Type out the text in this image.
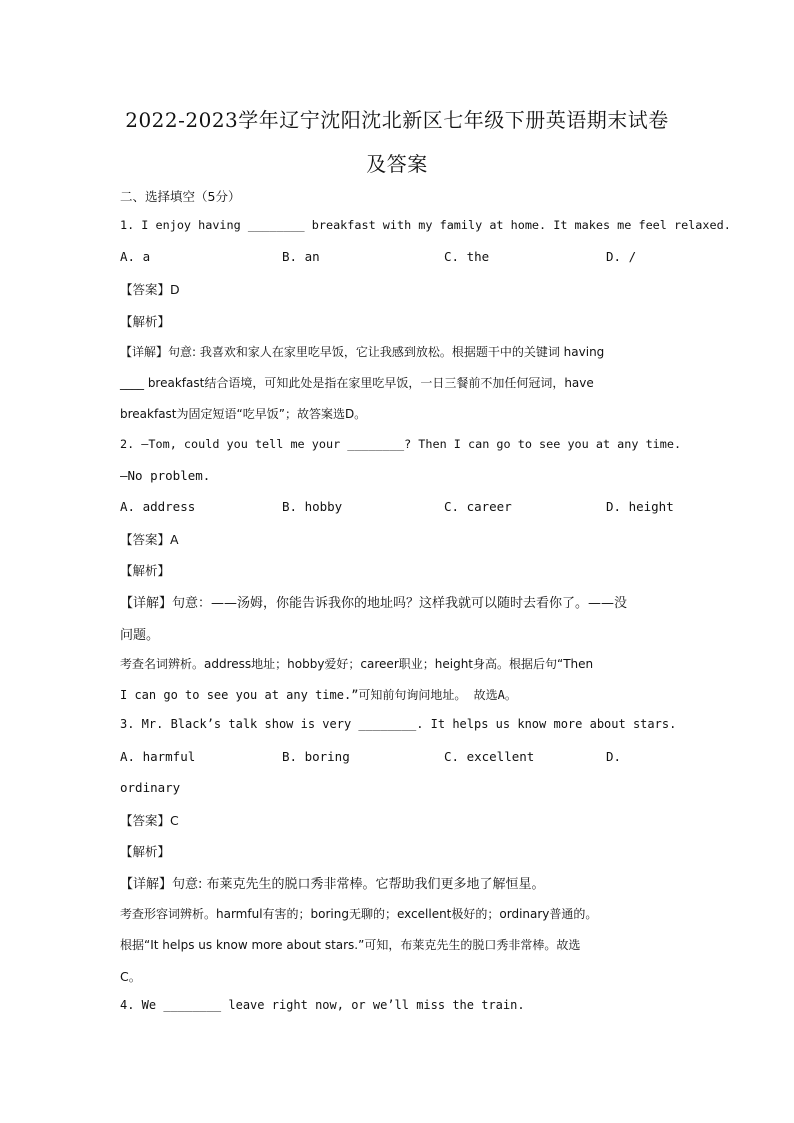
2022-2023学年辽宁沈阳沈北新区七年级下册英语期末试卷
及答案
二、选择填空（5分）
1. I enjoy having ________ breakfast with my family at home. It makes me feel relaxed.
A. a	B. an	C. the	D. /
【答案】D
【解析】
【详解】句意: 我喜欢和家人在家里吃早饭，它让我感到放松。根据题干中的关键词 having
____ breakfast结合语境，可知此处是指在家里吃早饭，一日三餐前不加任何冠词，have
breakfast为固定短语“吃早饭”；故答案选D。
2. —Tom, could you tell me your ________? Then I can go to see you at any time.
—No problem.
A. address	B. hobby	C. career	D. height
【答案】A
【解析】
【详解】句意：——汤姆，你能告诉我你的地址吗？这样我就可以随时去看你了。——没
问题。
考查名词辨析。address地址；hobby爱好；career职业；height身高。根据后句“Then
I can go to see you at any time.”可知前句询问地址。 故选A。
3. Mr. Black’s talk show is very ________. It helps us know more about stars.
A. harmful	B. boring	C. excellent	D.
ordinary
【答案】C
【解析】
【详解】句意: 布莱克先生的脱口秀非常棒。它帮助我们更多地了解恒星。
考查形容词辨析。harmful有害的；boring无聊的；excellent极好的；ordinary普通的。
根据“It helps us know more about stars.”可知，布莱克先生的脱口秀非常棒。故选
C。
4. We ________ leave right now, or we’ll miss the train.
